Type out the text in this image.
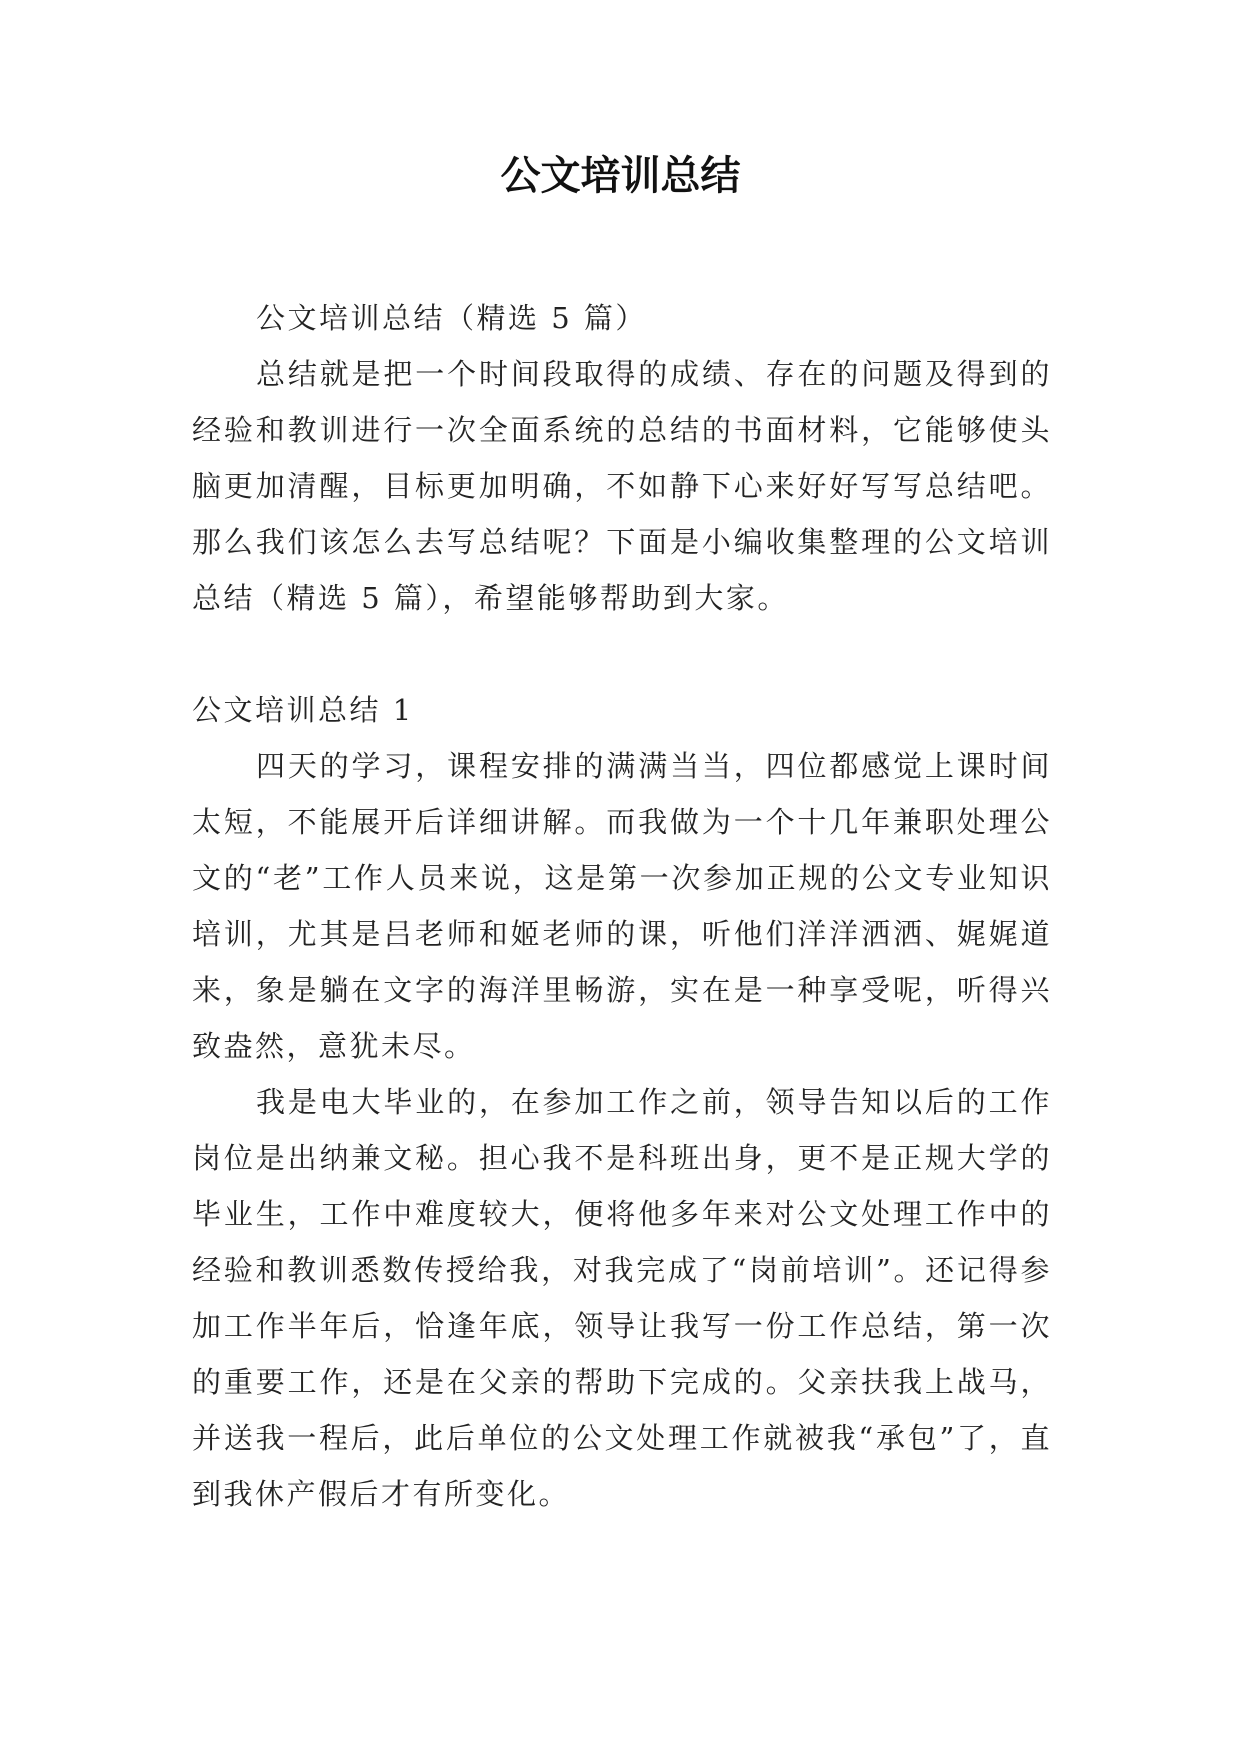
公文培训总结

公文培训总结（精选 5 篇）

总结就是把一个时间段取得的成绩、存在的问题及得到的经验和教训进行一次全面系统的总结的书面材料，它能够使头脑更加清醒，目标更加明确，不如静下心来好好写写总结吧。那么我们该怎么去写总结呢？下面是小编收集整理的公文培训总结（精选 5 篇），希望能够帮助到大家。

公文培训总结 1

四天的学习，课程安排的满满当当，四位都感觉上课时间太短，不能展开后详细讲解。而我做为一个十几年兼职处理公文的“老”工作人员来说，这是第一次参加正规的公文专业知识培训，尤其是吕老师和姬老师的课，听他们洋洋洒洒、娓娓道来，象是躺在文字的海洋里畅游，实在是一种享受呢，听得兴致盎然，意犹未尽。

我是电大毕业的，在参加工作之前，领导告知以后的工作岗位是出纳兼文秘。担心我不是科班出身，更不是正规大学的毕业生，工作中难度较大，便将他多年来对公文处理工作中的经验和教训悉数传授给我，对我完成了“岗前培训”。还记得参加工作半年后，恰逢年底，领导让我写一份工作总结，第一次的重要工作，还是在父亲的帮助下完成的。父亲扶我上战马，并送我一程后，此后单位的公文处理工作就被我“承包”了，直到我休产假后才有所变化。
